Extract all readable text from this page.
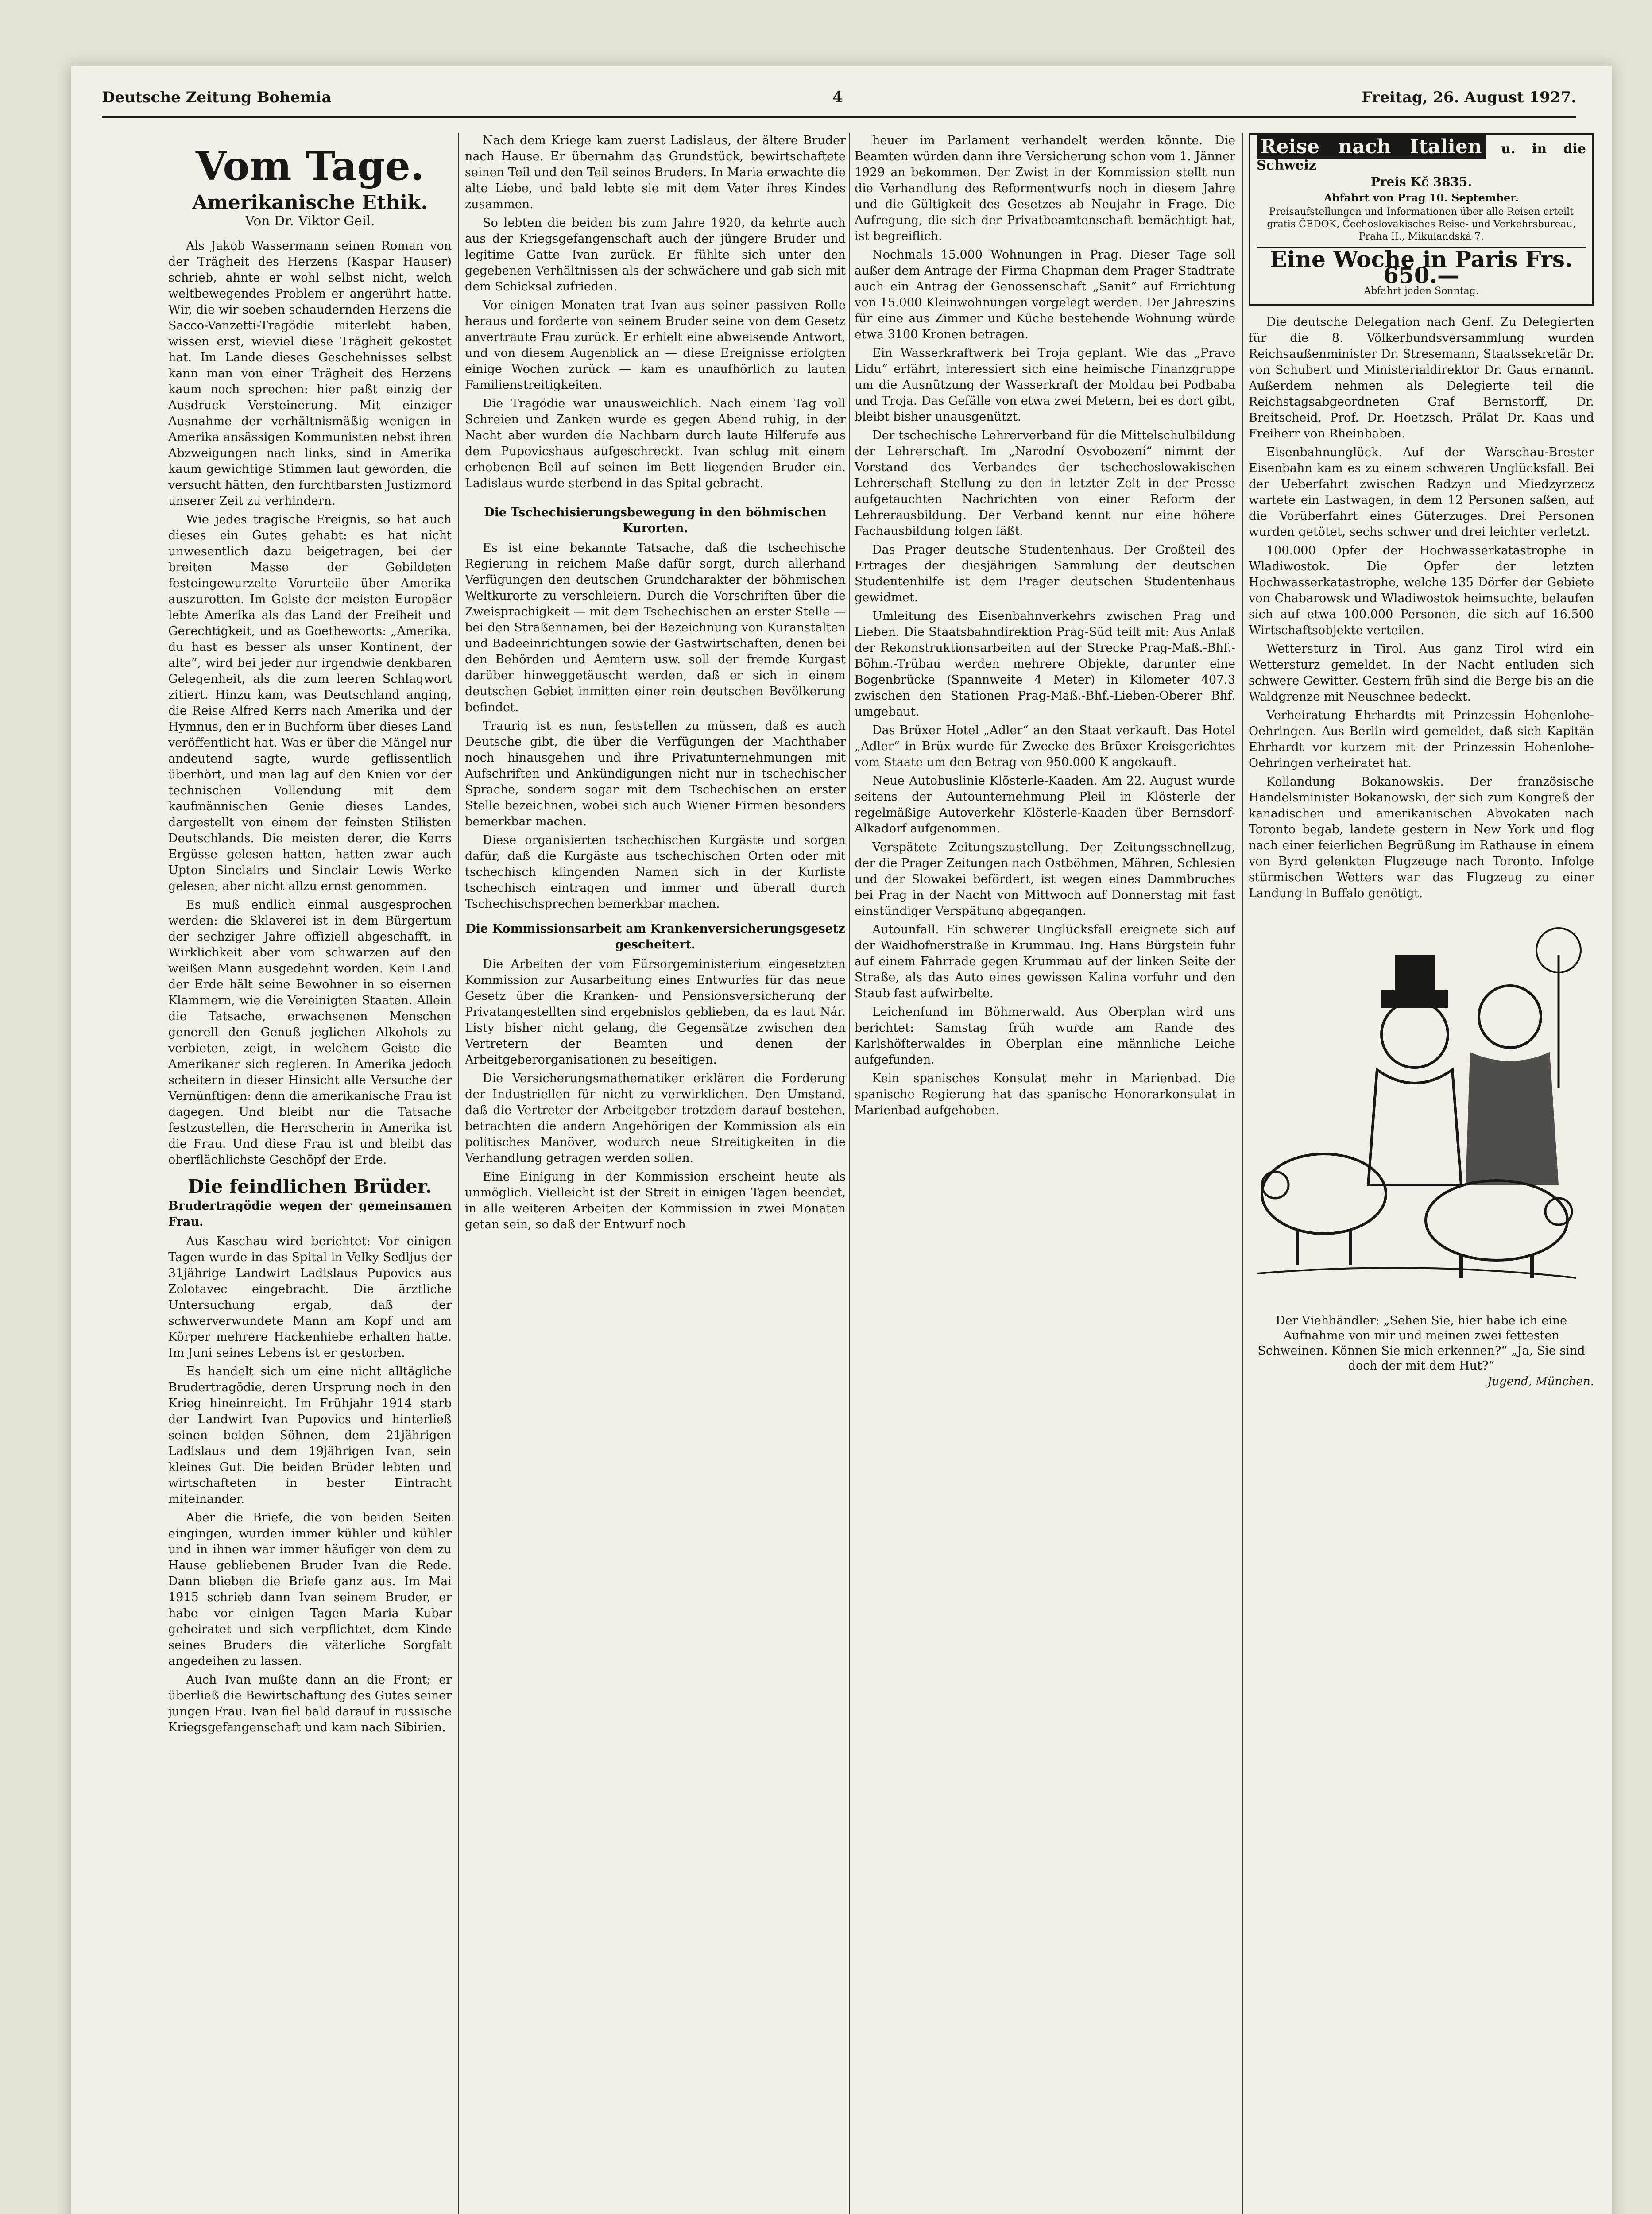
Deutsche Zeitung Bohemia	4	Freitag, 26. August 1927.
Vom Tage.
Amerikanische Ethik.
Von Dr. Viktor Geil.

Als Jakob Wassermann seinen Roman von der Trägheit des Herzens (Kaspar Hauser) schrieb, ahnte er wohl selbst nicht, welch weltbewegendes Problem er angerührt hatte. Wir, die wir soeben schaudernden Herzens die Sacco-Vanzetti-Tragödie miterlebt haben, wissen erst, wieviel diese Trägheit gekostet hat. Im Lande dieses Geschehnisses selbst kann man von einer Trägheit des Herzens kaum noch sprechen: hier paßt einzig der Ausdruck Versteinerung. Mit einziger Ausnahme der verhältnismäßig wenigen in Amerika ansässigen Kommunisten nebst ihren Abzweigungen nach links, sind in Amerika kaum gewichtige Stimmen laut geworden, die versucht hätten, den furchtbarsten Justizmord unserer Zeit zu verhindern.

Wie jedes tragische Ereignis, so hat auch dieses ein Gutes gehabt: es hat nicht unwesentlich dazu beigetragen, bei der breiten Masse der Gebildeten festeingewurzelte Vorurteile über Amerika auszurotten. Im Geiste der meisten Europäer lebte Amerika als das Land der Freiheit und Gerechtigkeit, und as Goetheworts: „Amerika, du hast es besser als unser Kontinent, der alte“, wird bei jeder nur irgendwie denkbaren Gelegenheit, als die zum leeren Schlagwort zitiert. Hinzu kam, was Deutschland anging, die Reise Alfred Kerrs nach Amerika und der Hymnus, den er in Buchform über dieses Land veröffentlicht hat. Was er über die Mängel nur andeutend sagte, wurde geflissentlich überhört, und man lag auf den Knien vor der technischen Vollendung mit dem kaufmännischen Genie dieses Landes, dargestellt von einem der feinsten Stilisten Deutschlands. Die meisten derer, die Kerrs Ergüsse gelesen hatten, hatten zwar auch Upton Sinclairs und Sinclair Lewis Werke gelesen, aber nicht allzu ernst genommen.

Es muß endlich einmal ausgesprochen werden: die Sklaverei ist in dem Bürgertum der sechziger Jahre offiziell abgeschafft, in Wirklichkeit aber vom schwarzen auf den weißen Mann ausgedehnt worden. Kein Land der Erde hält seine Bewohner in so eisernen Klammern, wie die Vereinigten Staaten. Allein die Tatsache, erwachsenen Menschen generell den Genuß jeglichen Alkohols zu verbieten, zeigt, in welchem Geiste die Amerikaner sich regieren. In Amerika jedoch scheitern in dieser Hinsicht alle Versuche der Vernünftigen: denn die amerikanische Frau ist dagegen. Und bleibt nur die Tatsache festzustellen, die Herrscherin in Amerika ist die Frau. Und diese Frau ist und bleibt das oberflächlichste Geschöpf der Erde.

Die feindlichen Brüder.
Brudertragödie wegen der gemeinsamen Frau.

Aus Kaschau wird berichtet: Vor einigen Tagen wurde in das Spital in Velky Sedljus der 31jährige Landwirt Ladislaus Pupovics aus Zolotavec eingebracht. Die ärztliche Untersuchung ergab, daß der schwerverwundete Mann am Kopf und am Körper mehrere Hackenhiebe erhalten hatte. Im Juni seines Lebens ist er gestorben.

Es handelt sich um eine nicht alltägliche Brudertragödie, deren Ursprung noch in den Krieg hineinreicht. Im Frühjahr 1914 starb der Landwirt Ivan Pupovics und hinterließ seinen beiden Söhnen, dem 21jährigen Ladislaus und dem 19jährigen Ivan, sein kleines Gut. Die beiden Brüder lebten und wirtschafteten in bester Eintracht miteinander.

Aber die Briefe, die von beiden Seiten eingingen, wurden immer kühler und kühler und in ihnen war immer häufiger von dem zu Hause gebliebenen Bruder Ivan die Rede. Dann blieben die Briefe ganz aus. Im Mai 1915 schrieb dann Ivan seinem Bruder, er habe vor einigen Tagen Maria Kubar geheiratet und sich verpflichtet, dem Kinde seines Bruders die väterliche Sorgfalt angedeihen zu lassen.

Auch Ivan mußte dann an die Front; er überließ die Bewirtschaftung des Gutes seiner jungen Frau. Ivan fiel bald darauf in russische Kriegsgefangenschaft und kam nach Sibirien.

Nach dem Kriege kam zuerst Ladislaus, der ältere Bruder nach Hause. Er übernahm das Grundstück, bewirtschaftete seinen Teil und den Teil seines Bruders. In Maria erwachte die alte Liebe, und bald lebte sie mit dem Vater ihres Kindes zusammen.

So lebten die beiden bis zum Jahre 1920, da kehrte auch aus der Kriegsgefangenschaft auch der jüngere Bruder und legitime Gatte Ivan zurück. Er fühlte sich unter den gegebenen Verhältnissen als der schwächere und gab sich mit dem Schicksal zufrieden.

Vor einigen Monaten trat Ivan aus seiner passiven Rolle heraus und forderte von seinem Bruder seine von dem Gesetz anvertraute Frau zurück. Er erhielt eine abweisende Antwort, und von diesem Augenblick an — diese Ereignisse erfolgten einige Wochen zurück — kam es unaufhörlich zu lauten Familienstreitigkeiten.

Die Tragödie war unausweichlich. Nach einem Tag voll Schreien und Zanken wurde es gegen Abend ruhig, in der Nacht aber wurden die Nachbarn durch laute Hilferufe aus dem Pupovicshaus aufgeschreckt. Ivan schlug mit einem erhobenen Beil auf seinen im Bett liegenden Bruder ein. Ladislaus wurde sterbend in das Spital gebracht.

Die Tschechisierungsbewegung in den böhmischen Kurorten.

Es ist eine bekannte Tatsache, daß die tschechische Regierung in reichem Maße dafür sorgt, durch allerhand Verfügungen den deutschen Grundcharakter der böhmischen Weltkurorte zu verschleiern. Durch die Vorschriften über die Zweisprachigkeit — mit dem Tschechischen an erster Stelle — bei den Straßennamen, bei der Bezeichnung von Kuranstalten und Badeeinrichtungen sowie der Gastwirtschaften, denen bei den Behörden und Aemtern usw. soll der fremde Kurgast darüber hinweggetäuscht werden, daß er sich in einem deutschen Gebiet inmitten einer rein deutschen Bevölkerung befindet.

Traurig ist es nun, feststellen zu müssen, daß es auch Deutsche gibt, die über die Verfügungen der Machthaber noch hinausgehen und ihre Privatunternehmungen mit Aufschriften und Ankündigungen nicht nur in tschechischer Sprache, sondern sogar mit dem Tschechischen an erster Stelle bezeichnen, wobei sich auch Wiener Firmen besonders bemerkbar machen.

Diese organisierten tschechischen Kurgäste und sorgen dafür, daß die Kurgäste aus tschechischen Orten oder mit tschechisch klingenden Namen sich in der Kurliste tschechisch eintragen und immer und überall durch Tschechischsprechen bemerkbar machen.

Die Kommissionsarbeit am Krankenversicherungsgesetz gescheitert.

Die Arbeiten der vom Fürsorgeministerium eingesetzten Kommission zur Ausarbeitung eines Entwurfes für das neue Gesetz über die Kranken- und Pensionsversicherung der Privatangestellten sind ergebnislos geblieben, da es laut Nár. Listy bisher nicht gelang, die Gegensätze zwischen den Vertretern der Beamten und denen der Arbeitgeberorganisationen zu beseitigen.

Die Versicherungsmathematiker erklären die Forderung der Industriellen für nicht zu verwirklichen. Den Umstand, daß die Vertreter der Arbeitgeber trotzdem darauf bestehen, betrachten die andern Angehörigen der Kommission als ein politisches Manöver, wodurch neue Streitigkeiten in die Verhandlung getragen werden sollen.

Eine Einigung in der Kommission erscheint heute als unmöglich. Vielleicht ist der Streit in einigen Tagen beendet, in alle weiteren Arbeiten der Kommission in zwei Monaten getan sein, so daß der Entwurf noch

heuer im Parlament verhandelt werden könnte. Die Beamten würden dann ihre Versicherung schon vom 1. Jänner 1929 an bekommen. Der Zwist in der Kommission stellt nun die Verhandlung des Reformentwurfs noch in diesem Jahre und die Gültigkeit des Gesetzes ab Neujahr in Frage. Die Aufregung, die sich der Privatbeamtenschaft bemächtigt hat, ist begreiflich.

Nochmals 15.000 Wohnungen in Prag. Dieser Tage soll außer dem Antrage der Firma Chapman dem Prager Stadtrate auch ein Antrag der Genossenschaft „Sanit“ auf Errichtung von 15.000 Kleinwohnungen vorgelegt werden. Der Jahreszins für eine aus Zimmer und Küche bestehende Wohnung würde etwa 3100 Kronen betragen.

Ein Wasserkraftwerk bei Troja geplant. Wie das „Pravo Lidu“ erfährt, interessiert sich eine heimische Finanzgruppe um die Ausnützung der Wasserkraft der Moldau bei Podbaba und Troja. Das Gefälle von etwa zwei Metern, bei es dort gibt, bleibt bisher unausgenützt.

Der tschechische Lehrerverband für die Mittelschulbildung der Lehrerschaft. Im „Narodní Osvobození“ nimmt der Vorstand des Verbandes der tschechoslowakischen Lehrerschaft Stellung zu den in letzter Zeit in der Presse aufgetauchten Nachrichten von einer Reform der Lehrerausbildung. Der Verband kennt nur eine höhere Fachausbildung folgen läßt.

Das Prager deutsche Studentenhaus. Der Großteil des Ertrages der diesjährigen Sammlung der deutschen Studentenhilfe ist dem Prager deutschen Studentenhaus gewidmet.

Umleitung des Eisenbahnverkehrs zwischen Prag und Lieben. Die Staatsbahndirektion Prag-Süd teilt mit: Aus Anlaß der Rekonstruktionsarbeiten auf der Strecke Prag-Maß.-Bhf.-Böhm.-Trübau werden mehrere Objekte, darunter eine Bogenbrücke (Spannweite 4 Meter) in Kilometer 407.3 zwischen den Stationen Prag-Maß.-Bhf.-Lieben-Oberer Bhf. umgebaut.

Das Brüxer Hotel „Adler“ an den Staat verkauft. Das Hotel „Adler“ in Brüx wurde für Zwecke des Brüxer Kreisgerichtes vom Staate um den Betrag von 950.000 K angekauft.

Neue Autobuslinie Klösterle-Kaaden. Am 22. August wurde seitens der Autounternehmung Pleil in Klösterle der regelmäßige Autoverkehr Klösterle-Kaaden über Bernsdorf-Alkadorf aufgenommen.

Verspätete Zeitungszustellung. Der Zeitungsschnellzug, der die Prager Zeitungen nach Ostböhmen, Mähren, Schlesien und der Slowakei befördert, ist wegen eines Dammbruches bei Prag in der Nacht von Mittwoch auf Donnerstag mit fast einstündiger Verspätung abgegangen.

Autounfall. Ein schwerer Unglücksfall ereignete sich auf der Waidhofnerstraße in Krummau. Ing. Hans Bürgstein fuhr auf einem Fahrrade gegen Krummau auf der linken Seite der Straße, als das Auto eines gewissen Kalina vorfuhr und den Staub fast aufwirbelte.

Leichenfund im Böhmerwald. Aus Oberplan wird uns berichtet: Samstag früh wurde am Rande des Karlshöfterwaldes in Oberplan eine männliche Leiche aufgefunden.

Kein spanisches Konsulat mehr in Marienbad. Die spanische Regierung hat das spanische Honorarkonsulat in Marienbad aufgehoben.

Reise nach Italien u. in die Schweiz
Preis Kč 3835.
Abfahrt von Prag 10. September.
Preisaufstellungen und Informationen über alle Reisen erteilt gratis ČEDOK, Čechoslovakisches Reise- und Verkehrsbureau, Praha II., Mikulandská 7.
Eine Woche in Paris Frs. 650.—
Abfahrt jeden Sonntag.

Die deutsche Delegation nach Genf. Zu Delegierten für die 8. Völkerbundsversammlung wurden Reichsaußenminister Dr. Stresemann, Staatssekretär Dr. von Schubert und Ministerialdirektor Dr. Gaus ernannt. Außerdem nehmen als Delegierte teil die Reichstagsabgeordneten Graf Bernstorff, Dr. Breitscheid, Prof. Dr. Hoetzsch, Prälat Dr. Kaas und Freiherr von Rheinbaben.

Eisenbahnunglück. Auf der Warschau-Brester Eisenbahn kam es zu einem schweren Unglücksfall. Bei der Ueberfahrt zwischen Radzyn und Miedzyrzecz wartete ein Lastwagen, in dem 12 Personen saßen, auf die Vorüberfahrt eines Güterzuges. Drei Personen wurden getötet, sechs schwer und drei leichter verletzt.

100.000 Opfer der Hochwasserkatastrophe in Wladiwostok. Die Opfer der letzten Hochwasserkatastrophe, welche 135 Dörfer der Gebiete von Chabarowsk und Wladiwostok heimsuchte, belaufen sich auf etwa 100.000 Personen, die sich auf 16.500 Wirtschaftsobjekte verteilen.

Wettersturz in Tirol. Aus ganz Tirol wird ein Wettersturz gemeldet. In der Nacht entluden sich schwere Gewitter. Gestern früh sind die Berge bis an die Waldgrenze mit Neuschnee bedeckt.

Verheiratung Ehrhardts mit Prinzessin Hohenlohe-Oehringen. Aus Berlin wird gemeldet, daß sich Kapitän Ehrhardt vor kurzem mit der Prinzessin Hohenlohe-Oehringen verheiratet hat.

Kollandung Bokanowskis. Der französische Handelsminister Bokanowski, der sich zum Kongreß der kanadischen und amerikanischen Abvokaten nach Toronto begab, landete gestern in New York und flog nach einer feierlichen Begrüßung im Rathause in einem von Byrd gelenkten Flugzeuge nach Toronto. Infolge stürmischen Wetters war das Flugzeug zu einer Landung in Buffalo genötigt.

Der Viehhändler: „Sehen Sie, hier habe ich eine Aufnahme von mir und meinen zwei fettesten Schweinen. Können Sie mich erkennen?“ „Ja, Sie sind doch der mit dem Hut?“
Jugend, München.
